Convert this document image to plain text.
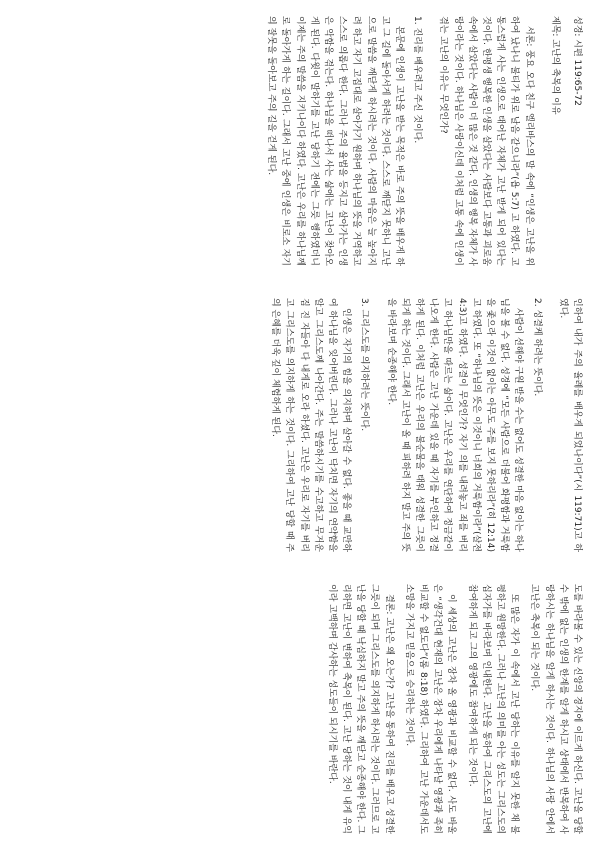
성경: 시편 119:65-72
제목: 고난의 축복의 이유

서론: 풍요 오다 친구 엘리바스의 말 속에 “인생은 고난을 위하여 났나니 불티가 위로 날음 같으니라”(욥 5:7) 고 하였다. 고통스럽게 사는 인생으로 태어난 자체가 고난 받게 되어 있다는 것이다. 한평생 행복한 인생을 살았다는 사람보다 고통과 괴로움 속에서 살았다는 사람이 더 많은 것 같다. 인생의 행복 자체가 사랑이라는 것이다. 하나님은 사랑이신데 이처럼 고통 속에 인생이 겪는 고난의 이유는 무엇인가?

1. 진리를 배우려고 주신 것이다.

본문에 인생이 고난을 받는 목적은 바로 주의 뜻을 배우게 하고 그 길에 돌아서게 하려는 것이다. 스스로 깨닫지 못하니 고난으로 말씀을 깨닫게 하시려는 것이다. 사람의 마음은 늘 높아지려 하고 자기 고집대로 살아가기 원하며 하나님의 뜻을 거역하고 스스로 의롭다 한다. 그러나 주의 율법을 등지고 살아가는 인생은 악함을 겪는다. 하나님을 떠나서 사는 삶에는 고난이 찾아오게 된다. 다윗이 말하기를 고난 당하기 전에는 그릇 행하였더니 이제는 주의 말씀을 지키나이다 하였다. 고난은 우리를 하나님께로 돌아가게 하는 길이다. 그래서 고난 중에 인생은 비로소 자기의 잘못을 돌아보고 주의 길을 걷게 된다.

인하여 내가 주의 율례를 배우게 되었나이다”(시 119:71)고 하였다.

2. 성결케 하려는 뜻이다.

사람이 선해야 구원 받을 수는 없어도 성결한 마음 없이는 하나님을 볼 수 없다. 성경에 “모든 사람으로 더불어 화평함과 거룩함을 좇으라 이것이 없이는 아무도 주를 보지 못하리라”(히 12:14)고 하였다. 또 “하나님의 뜻은 이것이니 너희의 거룩함이라”(살전 4:3)고 하였다. 성결이 무엇인가? 자기 의를 내려놓고 죄를 버리고 하나님만을 따르는 삶이다. 고난은 우리를 연단하여 정금같이 나오게 한다. 사람은 고난 가운데 있을 때 자기를 부인하고 정결하게 된다. 이처럼 고난은 우리의 불순물을 태워 성결한 그릇이 되게 하는 것이다. 그래서 고난이 올 때 피하려 하지 말고 주의 뜻을 바라보며 순종해야 한다.

3. 그리스도를 의지하려는 뜻이다.

인생은 자기의 힘을 의지하며 살아갈 수 없다. 좋을 때 교만하여 하나님을 잊어버린다. 그러나 고난이 닥치면 자기의 연약함을 알고 그리스도께 나아간다. 주는 말씀하시기를 수고하고 무거운 짐 진 자들아 다 내게로 오라 하셨다. 고난은 우리로 자기를 버리고 그리스도를 의지하게 하는 것이다. 그리하여 고난 당할 때 주의 은혜를 더욱 깊이 체험하게 된다.

도를 바라볼 수 있는 신앙의 경지에 이르게 하신다. 고난을 당할 수 밖에 없는 인생의 한계를 알게 하시고 상태에서 반복하여 사랑하시는 하나님을 알게 하시는 것이다. 하나님의 사랑 안에서 고난은 축복이 되는 것이다.

또 많은 자가 이 속에서 고난 당하는 이유를 알지 못한 채 불평하고 원망한다. 그러나 고난의 의미를 아는 성도는 그리스도의 십자가를 바라보며 인내한다. 고난을 통하여 그리스도의 고난에 참여하게 되고 그의 영광에도 참여하게 되는 것이다.

이 세상의 고난은 장차 올 영광과 비교할 수 없다. 사도 바울은 “생각건대 현재의 고난은 장차 우리에게 나타날 영광과 족히 비교할 수 없도다”(롬 8:18) 하였다. 그리하여 고난 가운데서도 소망을 가지고 믿음으로 승리하는 것이다.

결론: 고난은 왜 오는가? 고난을 통하여 진리를 배우고 성결한 그릇이 되며 그리스도를 의지하게 하시려는 것이다. 그러므로 고난을 당할 때 낙심하지 말고 주의 뜻을 깨닫고 순종해야 한다. 그리하면 고난이 변하여 축복이 된다. 고난 당하는 것이 내게 유익이라 고백하며 감사하는 성도들이 되시기를 바란다.
